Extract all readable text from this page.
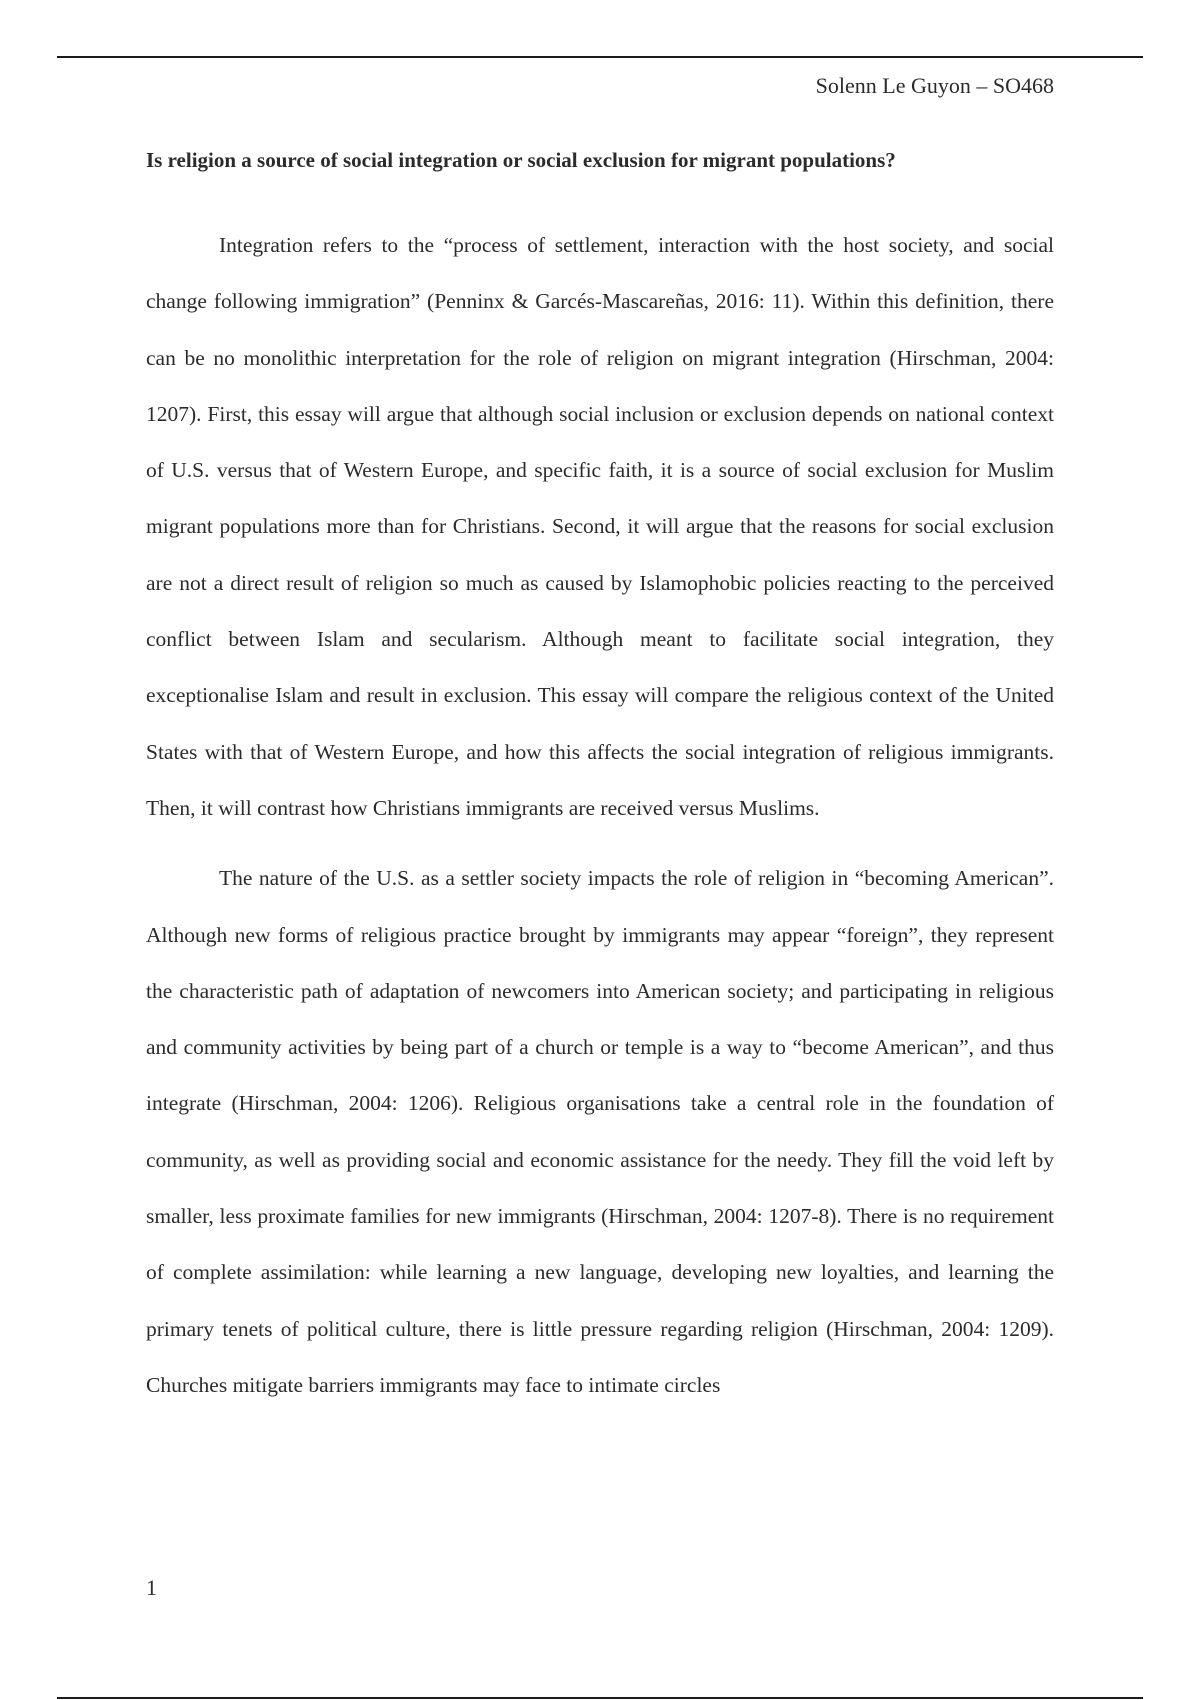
Solenn Le Guyon – SO468
Is religion a source of social integration or social exclusion for migrant populations?

Integration refers to the “process of settlement, interaction with the host society, and social change following immigration” (Penninx & Garcés-Mascareñas, 2016: 11). Within this definition, there can be no monolithic interpretation for the role of religion on migrant integration (Hirschman, 2004: 1207). First, this essay will argue that although social inclusion or exclusion depends on national context of U.S. versus that of Western Europe, and specific faith, it is a source of social exclusion for Muslim migrant populations more than for Christians. Second, it will argue that the reasons for social exclusion are not a direct result of religion so much as caused by Islamophobic policies reacting to the perceived conflict between Islam and secularism. Although meant to facilitate social integration, they exceptionalise Islam and result in exclusion. This essay will compare the religious context of the United States with that of Western Europe, and how this affects the social integration of religious immigrants. Then, it will contrast how Christians immigrants are received versus Muslims.

The nature of the U.S. as a settler society impacts the role of religion in “becoming American”. Although new forms of religious practice brought by immigrants may appear “foreign”, they represent the characteristic path of adaptation of newcomers into American society; and participating in religious and community activities by being part of a church or temple is a way to “become American”, and thus integrate (Hirschman, 2004: 1206). Religious organisations take a central role in the foundation of community, as well as providing social and economic assistance for the needy. They fill the void left by smaller, less proximate families for new immigrants (Hirschman, 2004: 1207-8). There is no requirement of complete assimilation: while learning a new language, developing new loyalties, and learning the primary tenets of political culture, there is little pressure regarding religion (Hirschman, 2004: 1209). Churches mitigate barriers immigrants may face to intimate circles

1
